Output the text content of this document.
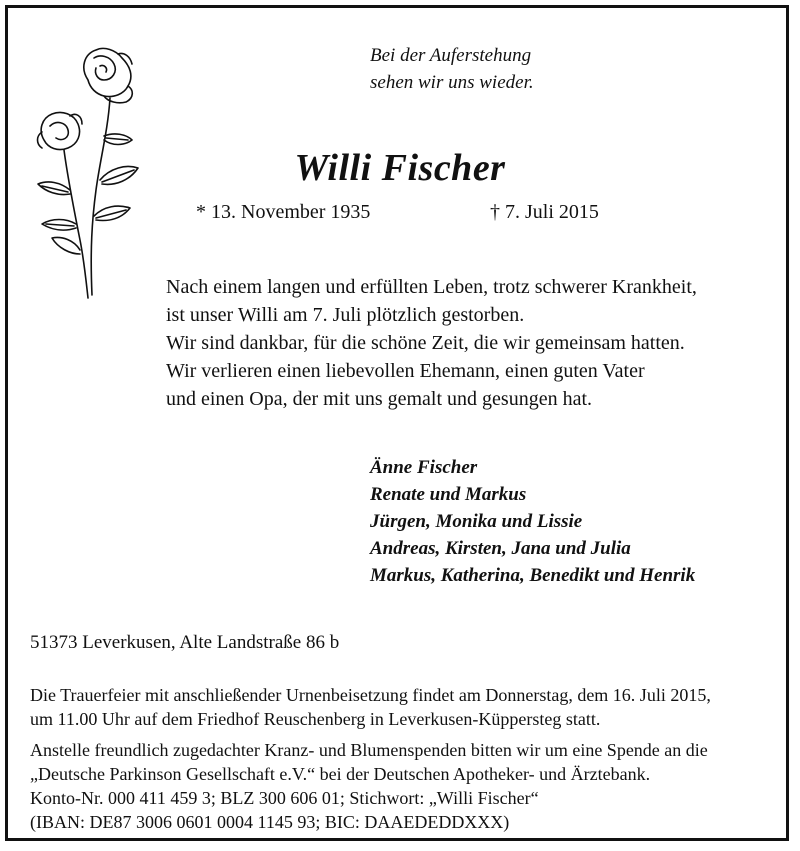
Bei der Auferstehung
sehen wir uns wieder.
Willi Fischer
* 13. November 1935	† 7. Juli 2015
Nach einem langen und erfüllten Leben, trotz schwerer Krankheit,
ist unser Willi am 7. Juli plötzlich gestorben.
Wir sind dankbar, für die schöne Zeit, die wir gemeinsam hatten.
Wir verlieren einen liebevollen Ehemann, einen guten Vater
und einen Opa, der mit uns gemalt und gesungen hat.
Änne Fischer
Renate und Markus
Jürgen, Monika und Lissie
Andreas, Kirsten, Jana und Julia
Markus, Katherina, Benedikt und Henrik
51373 Leverkusen, Alte Landstraße 86 b
Die Trauerfeier mit anschließender Urnenbeisetzung findet am Donnerstag, dem 16. Juli 2015,
um 11.00 Uhr auf dem Friedhof Reuschenberg in Leverkusen-Küppersteg statt.
Anstelle freundlich zugedachter Kranz- und Blumenspenden bitten wir um eine Spende an die
„Deutsche Parkinson Gesellschaft e.V.“ bei der Deutschen Apotheker- und Ärztebank.
Konto-Nr. 000 411 459 3; BLZ 300 606 01; Stichwort: „Willi Fischer“
(IBAN: DE87 3006 0601 0004 1145 93; BIC: DAAEDEDDXXX)
